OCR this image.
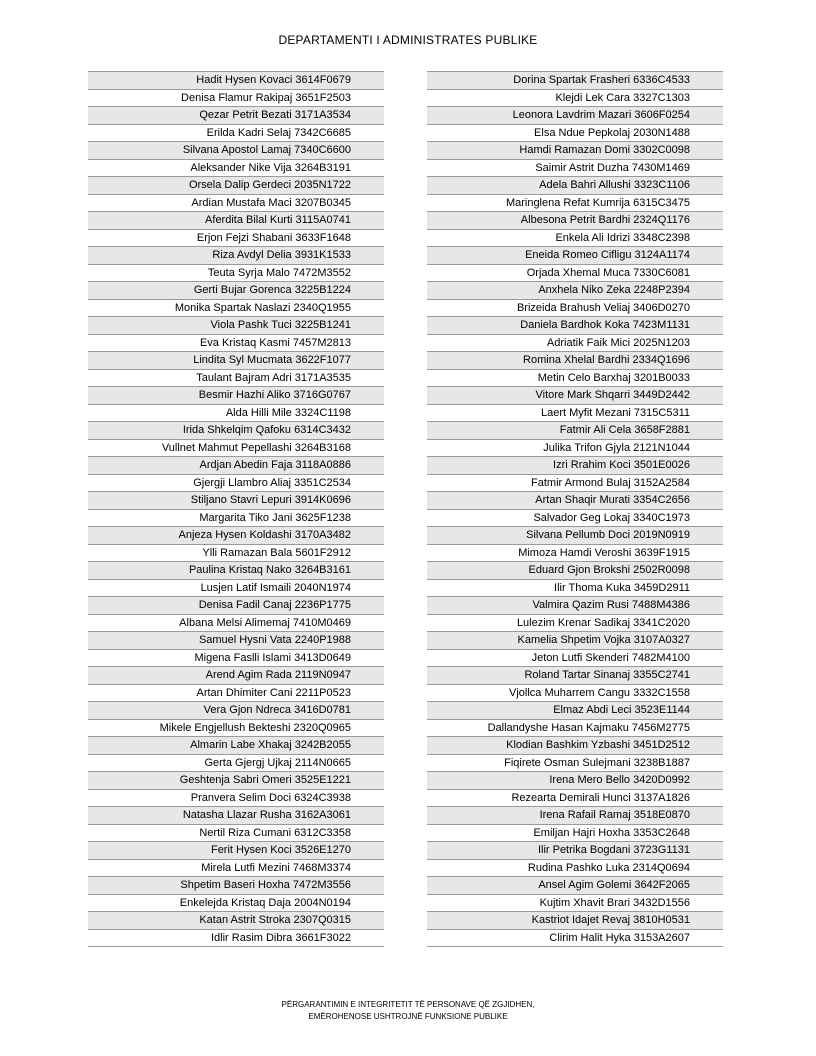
DEPARTAMENTI I ADMINISTRATES PUBLIKE
Hadit Hysen Kovaci 3614F0679
Denisa Flamur Rakipaj 3651F2503
Qezar Petrit Bezati 3171A3534
Erilda Kadri Selaj 7342C6685
Silvana Apostol Lamaj 7340C6600
Aleksander Nike Vija 3264B3191
Orsela Dalip Gerdeci 2035N1722
Ardian Mustafa Maci 3207B0345
Aferdita Bilal Kurti 3115A0741
Erjon Fejzi Shabani 3633F1648
Riza Avdyl Delia 3931K1533
Teuta Syrja Malo 7472M3552
Gerti Bujar Gorenca 3225B1224
Monika Spartak Naslazi 2340Q1955
Viola Pashk Tuci 3225B1241
Eva Kristaq Kasmi 7457M2813
Lindita Syl Mucmata 3622F1077
Taulant Bajram Adri 3171A3535
Besmir Hazhi Aliko 3716G0767
Alda Hilli Mile 3324C1198
Irida Shkelqim Qafoku 6314C3432
Vullnet Mahmut Pepellashi 3264B3168
Ardjan Abedin Faja 3118A0886
Gjergji Llambro Aliaj 3351C2534
Stiljano Stavri Lepuri 3914K0696
Margarita Tiko Jani 3625F1238
Anjeza Hysen Koldashi 3170A3482
Ylli Ramazan Bala 5601F2912
Paulina Kristaq Nako 3264B3161
Lusjen Latif Ismaili 2040N1974
Denisa Fadil Canaj 2236P1775
Albana Melsi Alimemaj 7410M0469
Samuel Hysni Vata 2240P1988
Migena Faslli Islami 3413D0649
Arend Agim Rada 2119N0947
Artan Dhimiter Cani 2211P0523
Vera Gjon Ndreca 3416D0781
Mikele Engjellush Bekteshi 2320Q0965
Almarin Labe Xhakaj 3242B2055
Gerta Gjergj Ujkaj 2114N0665
Geshtenja Sabri Omeri 3525E1221
Pranvera Selim Doci 6324C3938
Natasha Llazar Rusha 3162A3061
Nertil Riza Cumani 6312C3358
Ferit Hysen Koci 3526E1270
Mirela Lutfi Mezini 7468M3374
Shpetim Baseri Hoxha 7472M3556
Enkelejda Kristaq Daja 2004N0194
Katan Astrit Stroka 2307Q0315
Idlir Rasim Dibra 3661F3022
Dorina Spartak Frasheri 6336C4533
Klejdi Lek Cara 3327C1303
Leonora Lavdrim Mazari 3606F0254
Elsa Ndue Pepkolaj 2030N1488
Hamdi Ramazan Domi 3302C0098
Saimir Astrit Duzha 7430M1469
Adela Bahri Allushi 3323C1106
Maringlena Refat Kumrija 6315C3475
Albesona Petrit Bardhi 2324Q1176
Enkela Ali Idrizi 3348C2398
Eneida Romeo Cifligu 3124A1174
Orjada Xhemal Muca 7330C6081
Anxhela Niko Zeka 2248P2394
Brizeida Brahush Veliaj 3406D0270
Daniela Bardhok Koka 7423M1131
Adriatik Faik Mici 2025N1203
Romina Xhelal Bardhi 2334Q1696
Metin Celo Barxhaj 3201B0033
Vitore Mark Shqarri 3449D2442
Laert Myfit Mezani 7315C5311
Fatmir Ali Cela 3658F2881
Julika Trifon Gjyla 2121N1044
Izri Rrahim Koci 3501E0026
Fatmir Armond Bulaj 3152A2584
Artan Shaqir Murati 3354C2656
Salvador Geg Lokaj 3340C1973
Silvana Pellumb Doci 2019N0919
Mimoza Hamdi Veroshi 3639F1915
Eduard Gjon Brokshi 2502R0098
Ilir Thoma Kuka 3459D2911
Valmira Qazim Rusi 7488M4386
Lulezim Krenar Sadikaj 3341C2020
Kamelia Shpetim Vojka 3107A0327
Jeton Lutfi Skenderi 7482M4100
Roland Tartar Sinanaj 3355C2741
Vjollca Muharrem Cangu 3332C1558
Elmaz Abdi Leci 3523E1144
Dallandyshe Hasan Kajmaku 7456M2775
Klodian Bashkim Yzbashi 3451D2512
Fiqirete Osman Sulejmani 3238B1887
Irena Mero Bello 3420D0992
Rezearta Demirali Hunci 3137A1826
Irena Rafail Ramaj 3518E0870
Emiljan Hajri Hoxha 3353C2648
Ilir Petrika Bogdani 3723G1131
Rudina Pashko Luka 2314Q0694
Ansel Agim Golemi 3642F2065
Kujtim Xhavit Brari 3432D1556
Kastriot Idajet Revaj 3810H0531
Clirim Halit Hyka 3153A2607
PËRGARANTIMIN E INTEGRITETIT TË PERSONAVE QË ZGJIDHEN,
EMËROHENOSE USHTROJNË FUNKSIONE PUBLIKE
